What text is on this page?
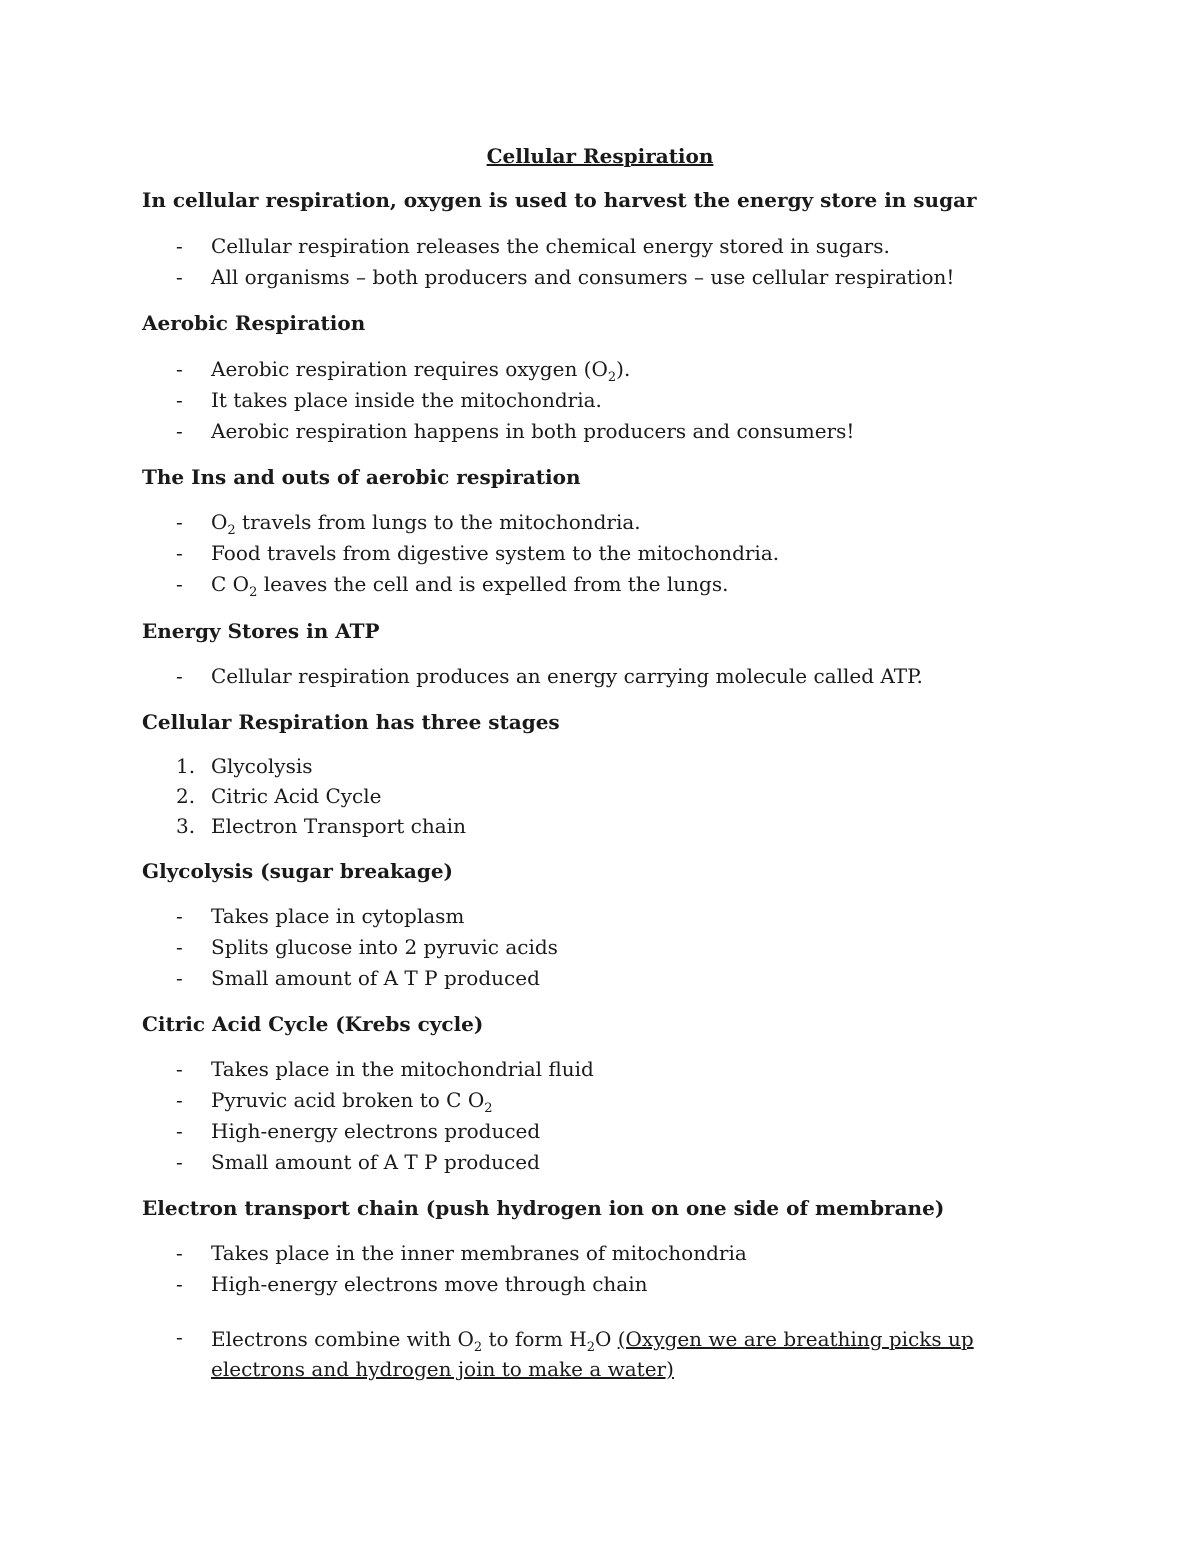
Cellular Respiration
In cellular respiration, oxygen is used to harvest the energy store in sugar
-	Cellular respiration releases the chemical energy stored in sugars.
-	All organisms – both producers and consumers – use cellular respiration!
Aerobic Respiration
-	Aerobic respiration requires oxygen $(O_2)$.
-	It takes place inside the mitochondria.
-	Aerobic respiration happens in both producers and consumers!
The Ins and outs of aerobic respiration
-	$O_2$ travels from lungs to the mitochondria.
-	Food travels from digestive system to the mitochondria.
-	C $O_2$ leaves the cell and is expelled from the lungs.
Energy Stores in ATP
-	Cellular respiration produces an energy carrying molecule called ATP.
Cellular Respiration has three stages
1. Glycolysis
2. Citric Acid Cycle
3. Electron Transport chain
Glycolysis (sugar breakage)
-	Takes place in cytoplasm
-	Splits glucose into 2 pyruvic acids
-	Small amount of A T P produced
Citric Acid Cycle (Krebs cycle)
-	Takes place in the mitochondrial fluid
-	Pyruvic acid broken to C $O_2$
-	High-energy electrons produced
-	Small amount of A T P produced
Electron transport chain (push hydrogen ion on one side of membrane)
-	Takes place in the inner membranes of mitochondria
-	High-energy electrons move through chain
-	Electrons combine with $O_2$ to form $H_2O$ (Oxygen we are breathing picks up electrons and hydrogen join to make a water)
